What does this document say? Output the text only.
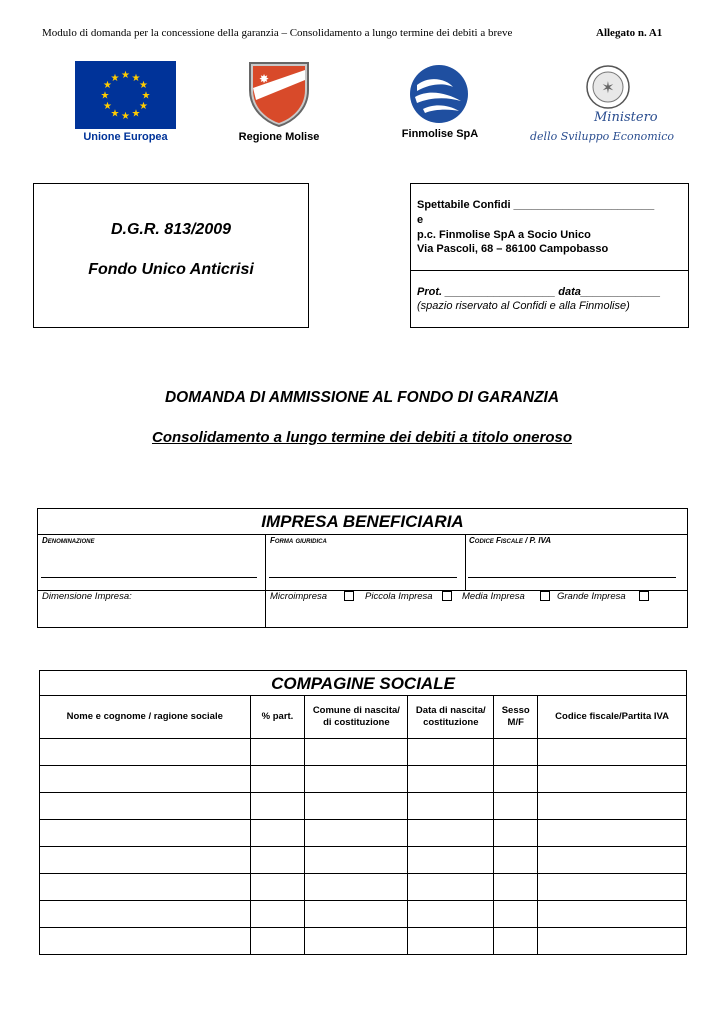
Modulo di domanda per la concessione della garanzia – Consolidamento a lungo termine dei debiti a breve	Allegato n. A1
★ ★
★
★
★
★
★
★
★
★
★
★
Unione Europea
✸
Regione Molise	Finmolise SpA
✶
Ministero
dello Sviluppo Economico
D.G.R. 813/2009
Fondo Unico Anticrisi
Spettabile Confidi _______________________
e
p.c. Finmolise SpA a Socio Unico
Via Pascoli, 68 – 86100 Campobasso
Prot. __________________ data_____________
(spazio riservato al Confidi e alla Finmolise)
DOMANDA DI AMMISSIONE AL FONDO DI GARANZIA
Consolidamento a lungo termine dei debiti a titolo oneroso
IMPRESA BENEFICIARIA
Denominazione	Forma giuridica	Codice Fiscale / P. IVA
Dimensione Impresa:	Microimpresa	Piccola Impresa	Media Impresa	Grande Impresa
COMPAGINE SOCIALE
Nome e cognome / ragione sociale	% part.	Comune di nascita/ di costituzione	Data di nascita/ costituzione	Sesso M/F	Codice fiscale/Partita IVA
